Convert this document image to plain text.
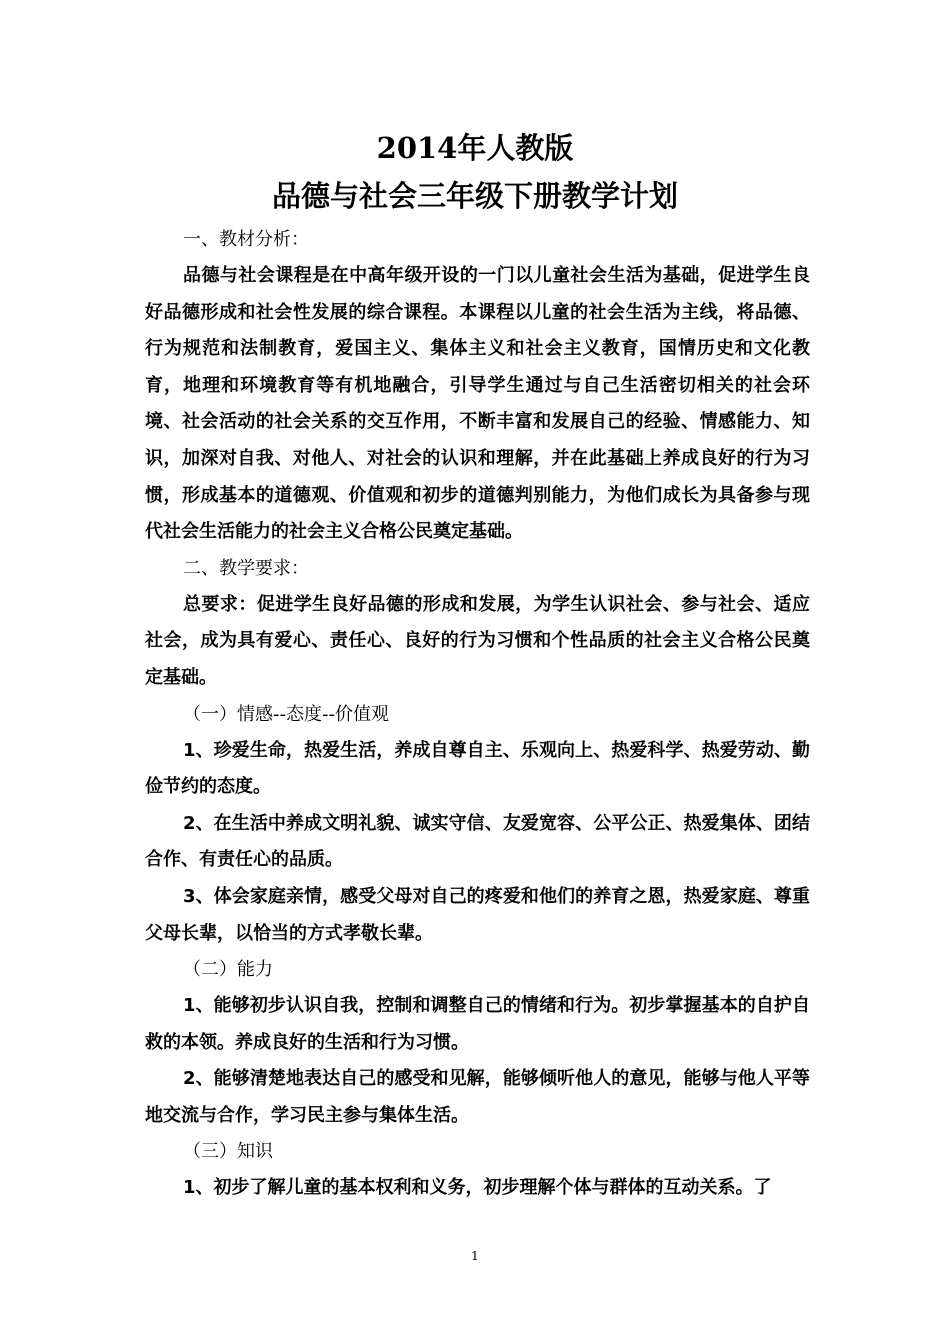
2014年人教版
品德与社会三年级下册教学计划

一、教材分析：

品德与社会课程是在中高年级开设的一门以儿童社会生活为基础，促进学生良好品德形成和社会性发展的综合课程。本课程以儿童的社会生活为主线，将品德、行为规范和法制教育，爱国主义、集体主义和社会主义教育，国情历史和文化教育，地理和环境教育等有机地融合，引导学生通过与自己生活密切相关的社会环境、社会活动的社会关系的交互作用，不断丰富和发展自己的经验、情感能力、知识，加深对自我、对他人、对社会的认识和理解，并在此基础上养成良好的行为习惯，形成基本的道德观、价值观和初步的道德判别能力，为他们成长为具备参与现代社会生活能力的社会主义合格公民奠定基础。

二、教学要求：

总要求：促进学生良好品德的形成和发展，为学生认识社会、参与社会、适应社会，成为具有爱心、责任心、良好的行为习惯和个性品质的社会主义合格公民奠定基础。

（一）情感--态度--价值观

1、珍爱生命，热爱生活，养成自尊自主、乐观向上、热爱科学、热爱劳动、勤俭节约的态度。

2、在生活中养成文明礼貌、诚实守信、友爱宽容、公平公正、热爱集体、团结合作、有责任心的品质。

3、体会家庭亲情，感受父母对自己的疼爱和他们的养育之恩，热爱家庭、尊重父母长辈，以恰当的方式孝敬长辈。

（二）能力

1、能够初步认识自我，控制和调整自己的情绪和行为。初步掌握基本的自护自救的本领。养成良好的生活和行为习惯。

2、能够清楚地表达自己的感受和见解，能够倾听他人的意见，能够与他人平等地交流与合作，学习民主参与集体生活。

（三）知识

1、初步了解儿童的基本权利和义务，初步理解个体与群体的互动关系。了

1
